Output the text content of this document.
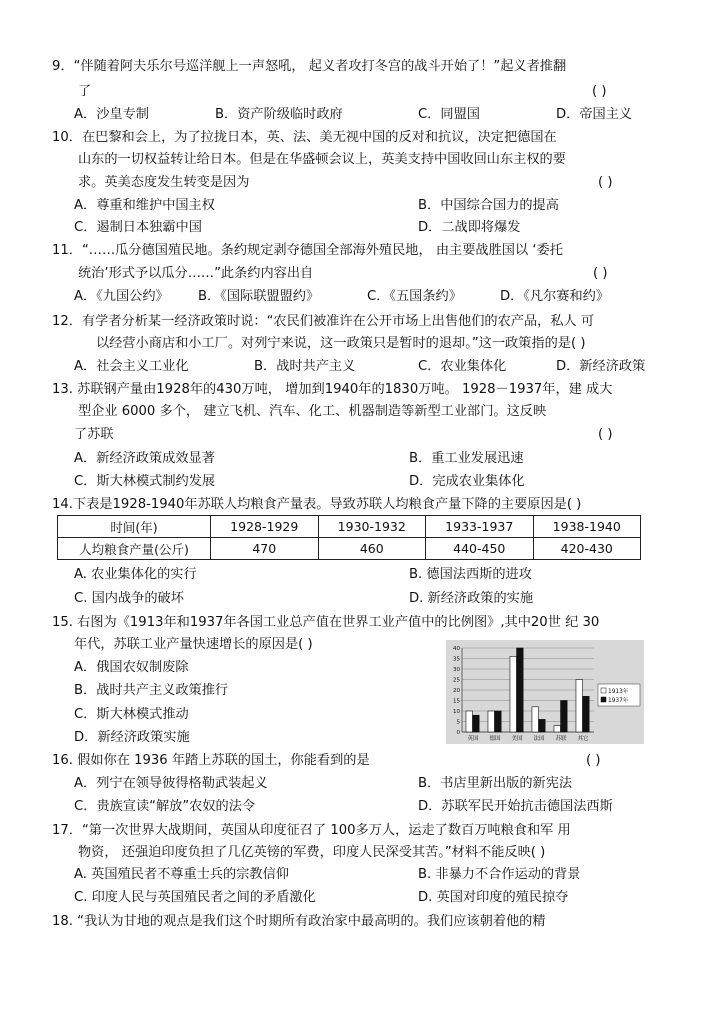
9．“伴随着阿夫乐尔号巡洋舰上一声怒吼， 起义者攻打冬宫的战斗开始了！”起义者推翻
了	( )
A．沙皇专制	B．资产阶级临时政府	C．同盟国	D．帝国主义
10．在巴黎和会上，为了拉拢日本，英、法、美无视中国的反对和抗议，决定把德国在
山东的一切权益转让给日本。但是在华盛顿会议上，英美支持中国收回山东主权的要
求。英美态度发生转变是因为	( )
A．尊重和维护中国主权	B．中国综合国力的提高
C．遏制日本独霸中国	D．二战即将爆发
11．“……瓜分德国殖民地。条约规定剥夺德国全部海外殖民地， 由主要战胜国以 ‘委托
统治’形式予以瓜分……”此条约内容出自	( )
A．《九国公约》 B．《国际联盟盟约》	C．《五国条约》	D．《凡尔赛和约》
12．有学者分析某一经济政策时说：“农民们被准许在公开市场上出售他们的农产品，私人 可
以经营小商店和小工厂。对列宁来说，这一政策只是暂时的退却。”这一政策指的是( )
A．社会主义工业化	B．战时共产主义	C．农业集体化	D．新经济政策
13. 苏联钢产量由1928年的430万吨， 增加到1940年的1830万吨。 1928－1937年，建 成大
型企业 6000 多个， 建立飞机、汽车、化工、机器制造等新型工业部门。这反映
了苏联	( )
A．新经济政策成效显著	B．重工业发展迅速
C．斯大林模式制约发展	D．完成农业集体化
14.下表是1928-1940年苏联人均粮食产量表。导致苏联人均粮食产量下降的主要原因是( )
时间(年)	1928-1929	1930-1932	1933-1937	1938-1940
人均粮食产量(公斤)	470	460	440-450	420-430
A. 农业集体化的实行	B. 德国法西斯的进攻
C. 国内战争的破坏	D. 新经济政策的实施
15. 右图为《1913年和1937年各国工业总产值在世界工业产值中的比例图》,其中20世 纪 30
年代，苏联工业产量快速增长的原因是( )
A．俄国农奴制废除
B．战时共产主义政策推行
C．斯大林模式推动
D．新经济政策实施
40
35
30
25
20
15
10
5
0
英国 德国 美国 法国 苏联 其它
1913年
1937年
16. 假如你在 1936 年踏上苏联的国土，你能看到的是	( )
A．列宁在领导彼得格勒武装起义	B．书店里新出版的新宪法
C．贵族宣读“解放”农奴的法令	D．苏联军民开始抗击德国法西斯
17．“第一次世界大战期间，英国从印度征召了 100多万人，运走了数百万吨粮食和军 用
物资， 还强迫印度负担了几亿英镑的军费，印度人民深受其苦。”材料不能反映( )
A. 英国殖民者不尊重士兵的宗教信仰	B. 非暴力不合作运动的背景
C. 印度人民与英国殖民者之间的矛盾激化	D. 英国对印度的殖民掠夺
18. “我认为甘地的观点是我们这个时期所有政治家中最高明的。我们应该朝着他的精
